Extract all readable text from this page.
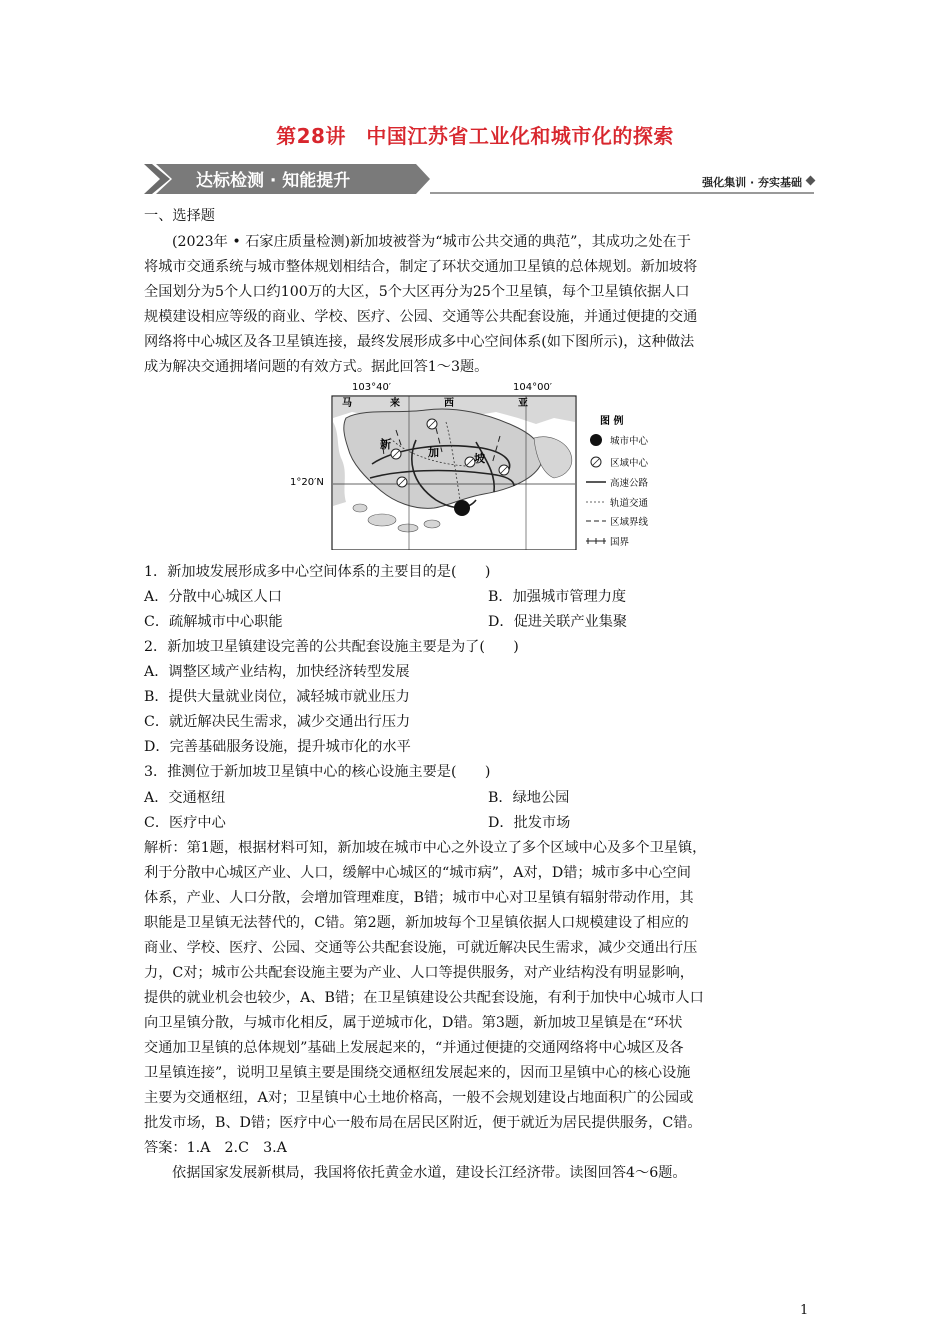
第28讲　中国江苏省工业化和城市化的探索
达标检测 · 知能提升	强化集训 · 夯实基础
一、选择题
(2023年 • 石家庄质量检测)新加坡被誉为“城市公共交通的典范”，其成功之处在于
将城市交通系统与城市整体规划相结合，制定了环状交通加卫星镇的总体规划。新加坡将
全国划分为5个人口约100万的大区，5个大区再分为25个卫星镇，每个卫星镇依据人口
规模建设相应等级的商业、学校、医疗、公园、交通等公共配套设施，并通过便捷的交通
网络将中心城区及各卫星镇连接，最终发展形成多中心空间体系(如下图所示)，这种做法
成为解决交通拥堵问题的有效方式。据此回答1～3题。
103°40′	104°00′
1°20′N
马	来	西	亚
新
加	坡
图 例
城市中心
区域中心
高速公路
轨道交通
区域界线
国界
1．新加坡发展形成多中心空间体系的主要目的是(　　)
A．分散中心城区人口	B．加强城市管理力度
C．疏解城市中心职能	D．促进关联产业集聚
2．新加坡卫星镇建设完善的公共配套设施主要是为了(　　)
A．调整区域产业结构，加快经济转型发展
B．提供大量就业岗位，减轻城市就业压力
C．就近解决民生需求，减少交通出行压力
D．完善基础服务设施，提升城市化的水平
3．推测位于新加坡卫星镇中心的核心设施主要是(　　)
A．交通枢纽	B．绿地公园
C．医疗中心	D．批发市场
解析：第1题，根据材料可知，新加坡在城市中心之外设立了多个区域中心及多个卫星镇，
利于分散中心城区产业、人口，缓解中心城区的“城市病”，A对，D错；城市多中心空间
体系，产业、人口分散，会增加管理难度，B错；城市中心对卫星镇有辐射带动作用，其
职能是卫星镇无法替代的，C错。第2题，新加坡每个卫星镇依据人口规模建设了相应的
商业、学校、医疗、公园、交通等公共配套设施，可就近解决民生需求，减少交通出行压
力，C对；城市公共配套设施主要为产业、人口等提供服务，对产业结构没有明显影响，
提供的就业机会也较少，A、B错；在卫星镇建设公共配套设施，有利于加快中心城市人口
向卫星镇分散，与城市化相反，属于逆城市化，D错。第3题，新加坡卫星镇是在“环状
交通加卫星镇的总体规划”基础上发展起来的，“并通过便捷的交通网络将中心城区及各
卫星镇连接”，说明卫星镇主要是围绕交通枢纽发展起来的，因而卫星镇中心的核心设施
主要为交通枢纽，A对；卫星镇中心土地价格高，一般不会规划建设占地面积广的公园或
批发市场，B、D错；医疗中心一般布局在居民区附近，便于就近为居民提供服务，C错。
答案：1.A　2.C　3.A
依据国家发展新棋局，我国将依托黄金水道，建设长江经济带。读图回答4～6题。
1
